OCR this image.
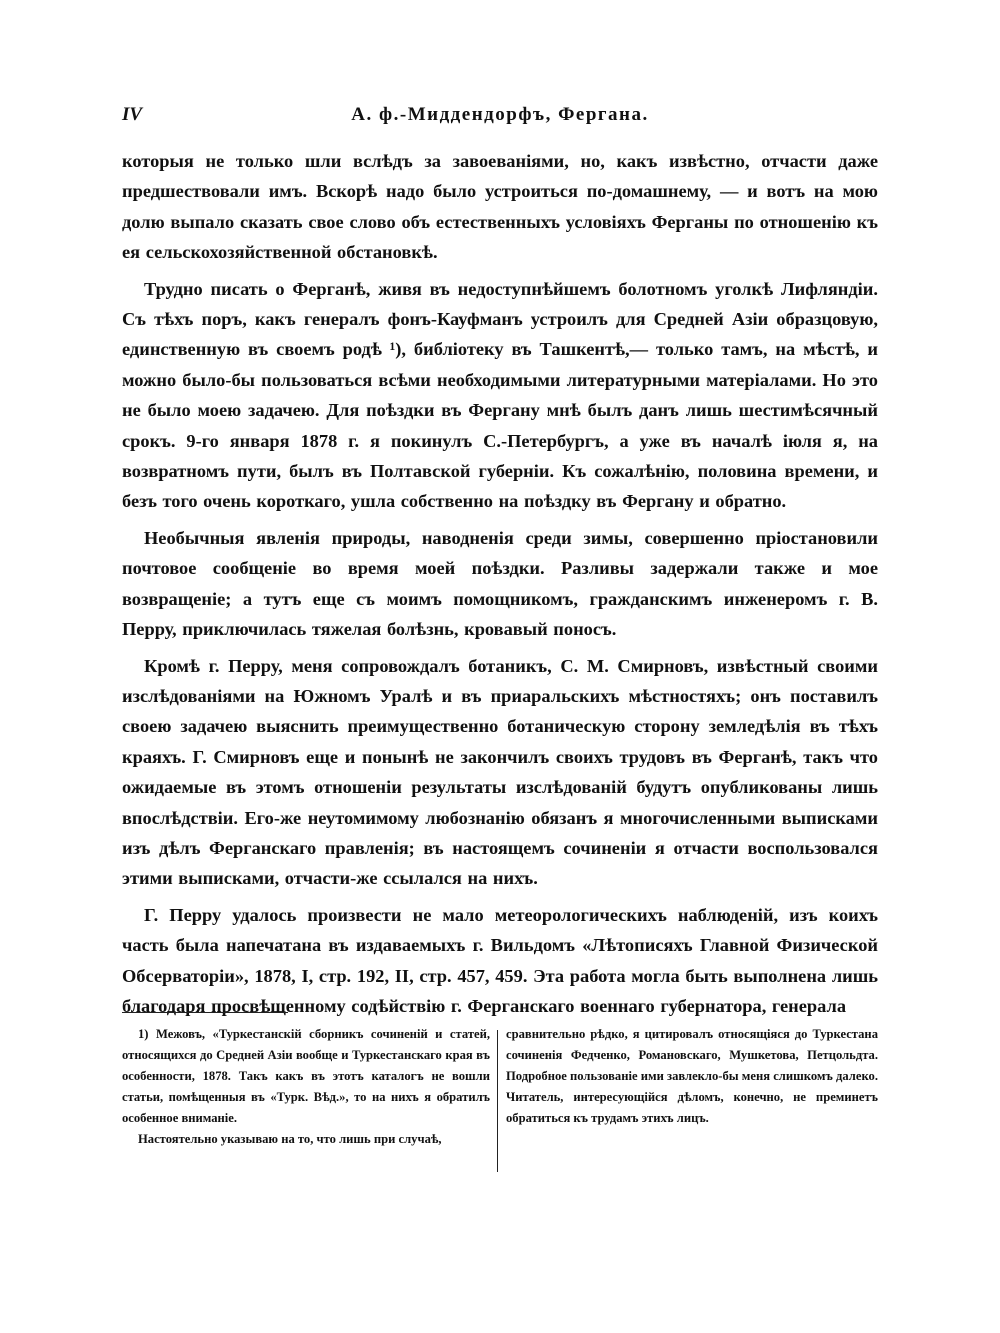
IV	А. ф.-Миддендорфъ, Фергана.

которыя не только шли вслѣдъ за завоеваніями, но, какъ извѣстно, отчасти даже предшествовали имъ. Вскорѣ надо было устроиться по-домашнему, — и вотъ на мою долю выпало сказать свое слово объ естественныхъ условіяхъ Ферганы по отношенію къ ея сельскохозяйственной обстановкѣ.

Трудно писать о Ферганѣ, живя въ недоступнѣйшемъ болотномъ уголкѣ Лифляндіи. Съ тѣхъ поръ, какъ генералъ фонъ-Кауфманъ устроилъ для Средней Азіи образцовую, единственную въ своемъ родѣ ¹), библіотеку въ Ташкентѣ,— только тамъ, на мѣстѣ, и можно было-бы пользоваться всѣми необходимыми литературными матеріалами. Но это не было моею задачею. Для поѣздки въ Фергану мнѣ былъ данъ лишь шестимѣсячный срокъ. 9-го января 1878 г. я покинулъ С.-Петербургъ, а уже въ началѣ іюля я, на возвратномъ пути, былъ въ Полтавской губерніи. Къ сожалѣнію, половина времени, и безъ того очень короткаго, ушла собственно на поѣздку въ Фергану и обратно.

Необычныя явленія природы, наводненія среди зимы, совершенно пріостановили почтовое сообщеніе во время моей поѣздки. Разливы задержали также и мое возвращеніе; а тутъ еще съ моимъ помощникомъ, гражданскимъ инженеромъ г. В. Перру, приключилась тяжелая болѣзнь, кровавый поносъ.

Кромѣ г. Перру, меня сопровождалъ ботаникъ, С. М. Смирновъ, извѣстный своими изслѣдованіями на Южномъ Уралѣ и въ приаральскихъ мѣстностяхъ; онъ поставилъ своею задачею выяснить преимущественно ботаническую сторону земледѣлія въ тѣхъ краяхъ. Г. Смирновъ еще и понынѣ не закончилъ своихъ трудовъ въ Ферганѣ, такъ что ожидаемые въ этомъ отношеніи результаты изслѣдованій будутъ опубликованы лишь впослѣдствіи. Его-же неутомимому любознанію обязанъ я многочисленными выписками изъ дѣлъ Ферганскаго правленія; въ настоящемъ сочиненіи я отчасти воспользовался этими выписками, отчасти-же ссылался на нихъ.

Г. Перру удалось произвести не мало метеорологическихъ наблюденій, изъ коихъ часть была напечатана въ издаваемыхъ г. Вильдомъ «Лѣтописяхъ Главной Физической Обсерваторіи», 1878, I, стр. 192, II, стр. 457, 459. Эта работа могла быть выполнена лишь благодаря просвѣщенному содѣйствію г. Ферганскаго военнаго губернатора, генерала

1) Межовъ, «Туркестанскій сборникъ сочиненій и статей, относящихся до Средней Азіи вообще и Туркестанскаго края въ особенности, 1878. Такъ какъ въ этотъ каталогъ не вошли статьи, помѣщенныя въ «Турк. Вѣд.», то на нихъ я обратилъ особенное вниманіе.

Настоятельно указываю на то, что лишь при случаѣ,

сравнительно рѣдко, я цитировалъ относящіяся до Туркестана сочиненія Федченко, Романовскаго, Мушкетова, Петцольдта. Подробное пользованіе ими завлекло-бы меня слишкомъ далеко. Читатель, интересующійся дѣломъ, конечно, не преминетъ обратиться къ трудамъ этихъ лицъ.
